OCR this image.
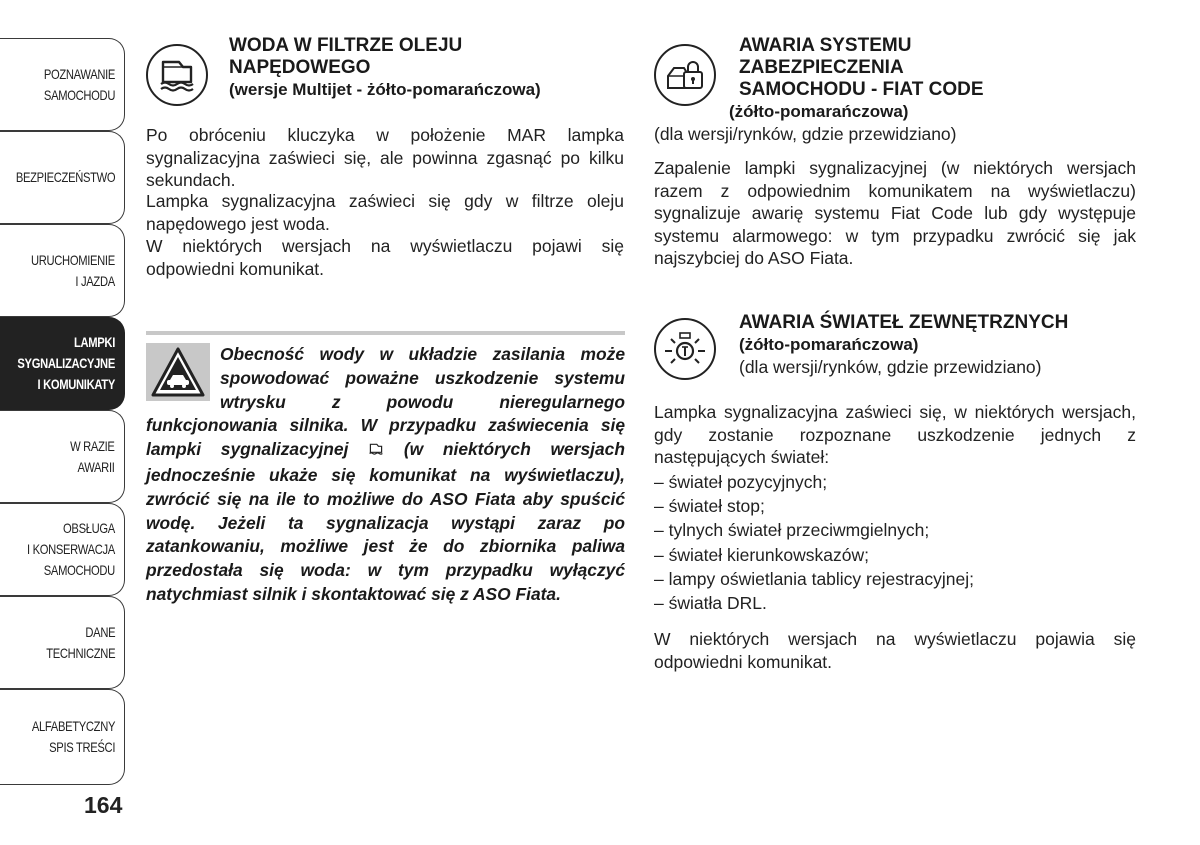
POZNAWANIE
SAMOCHODU
BEZPIECZEŃSTWO
URUCHOMIENIE
I JAZDA
LAMPKI
SYGNALIZACYJNE
I KOMUNIKATY
W RAZIE
AWARII
OBSŁUGA
I KONSERWACJA
SAMOCHODU
DANE
TECHNICZNE
ALFABETYCZNY
SPIS TREŚCI
164
WODA W FILTRZE OLEJU
NAPĘDOWEGO
(wersje Multijet - żółto-pomarańczowa)

Po obróceniu kluczyka w położenie MAR lampka sygnalizacyjna zaświeci się, ale powinna zgasnąć po kilku sekundach.

Lampka sygnalizacyjna zaświeci się gdy w filtrze oleju napędowego jest woda.

W niektórych wersjach na wyświetlaczu pojawi się odpowiedni komunikat.

Obecność wody w układzie zasilania może spowodować poważne uszkodzenie systemu wtrysku z powodu nieregularnego funkcjonowania silnika. W przypadku zaświecenia się lampki sygnalizacyjnej	(w niektórych wersjach jednocześnie ukaże się komunikat na wyświetlaczu), zwrócić się na ile to możliwe do ASO Fiata aby spuścić wodę. Jeżeli ta sygnalizacja wystąpi zaraz po zatankowaniu, możliwe jest że do zbiornika paliwa przedostała się woda: w tym przypadku wyłączyć natychmiast silnik i skontaktować się z ASO Fiata.

AWARIA SYSTEMU
ZABEZPIECZENIA
SAMOCHODU - FIAT CODE
(żółto-pomarańczowa)

(dla wersji/rynków, gdzie przewidziano)

Zapalenie lampki sygnalizacyjnej (w niektórych wersjach razem z odpowiednim komunikatem na wyświetlaczu) sygnalizuje awarię systemu Fiat Code lub gdy występuje systemu alarmowego: w tym przypadku zwrócić się jak najszybciej do ASO Fiata.

AWARIA ŚWIATEŁ ZEWNĘTRZNYCH
(żółto-pomarańczowa)

(dla wersji/rynków, gdzie przewidziano)

Lampka sygnalizacyjna zaświeci się, w niektórych wersjach, gdy zostanie rozpoznane uszkodzenie jednych z następujących świateł:

– świateł pozycyjnych;
– świateł stop;
– tylnych świateł przeciwmgielnych;
– świateł kierunkowskazów;
– lampy oświetlania tablicy rejestracyjnej;
– światła DRL.

W niektórych wersjach na wyświetlaczu pojawia się odpowiedni komunikat.
